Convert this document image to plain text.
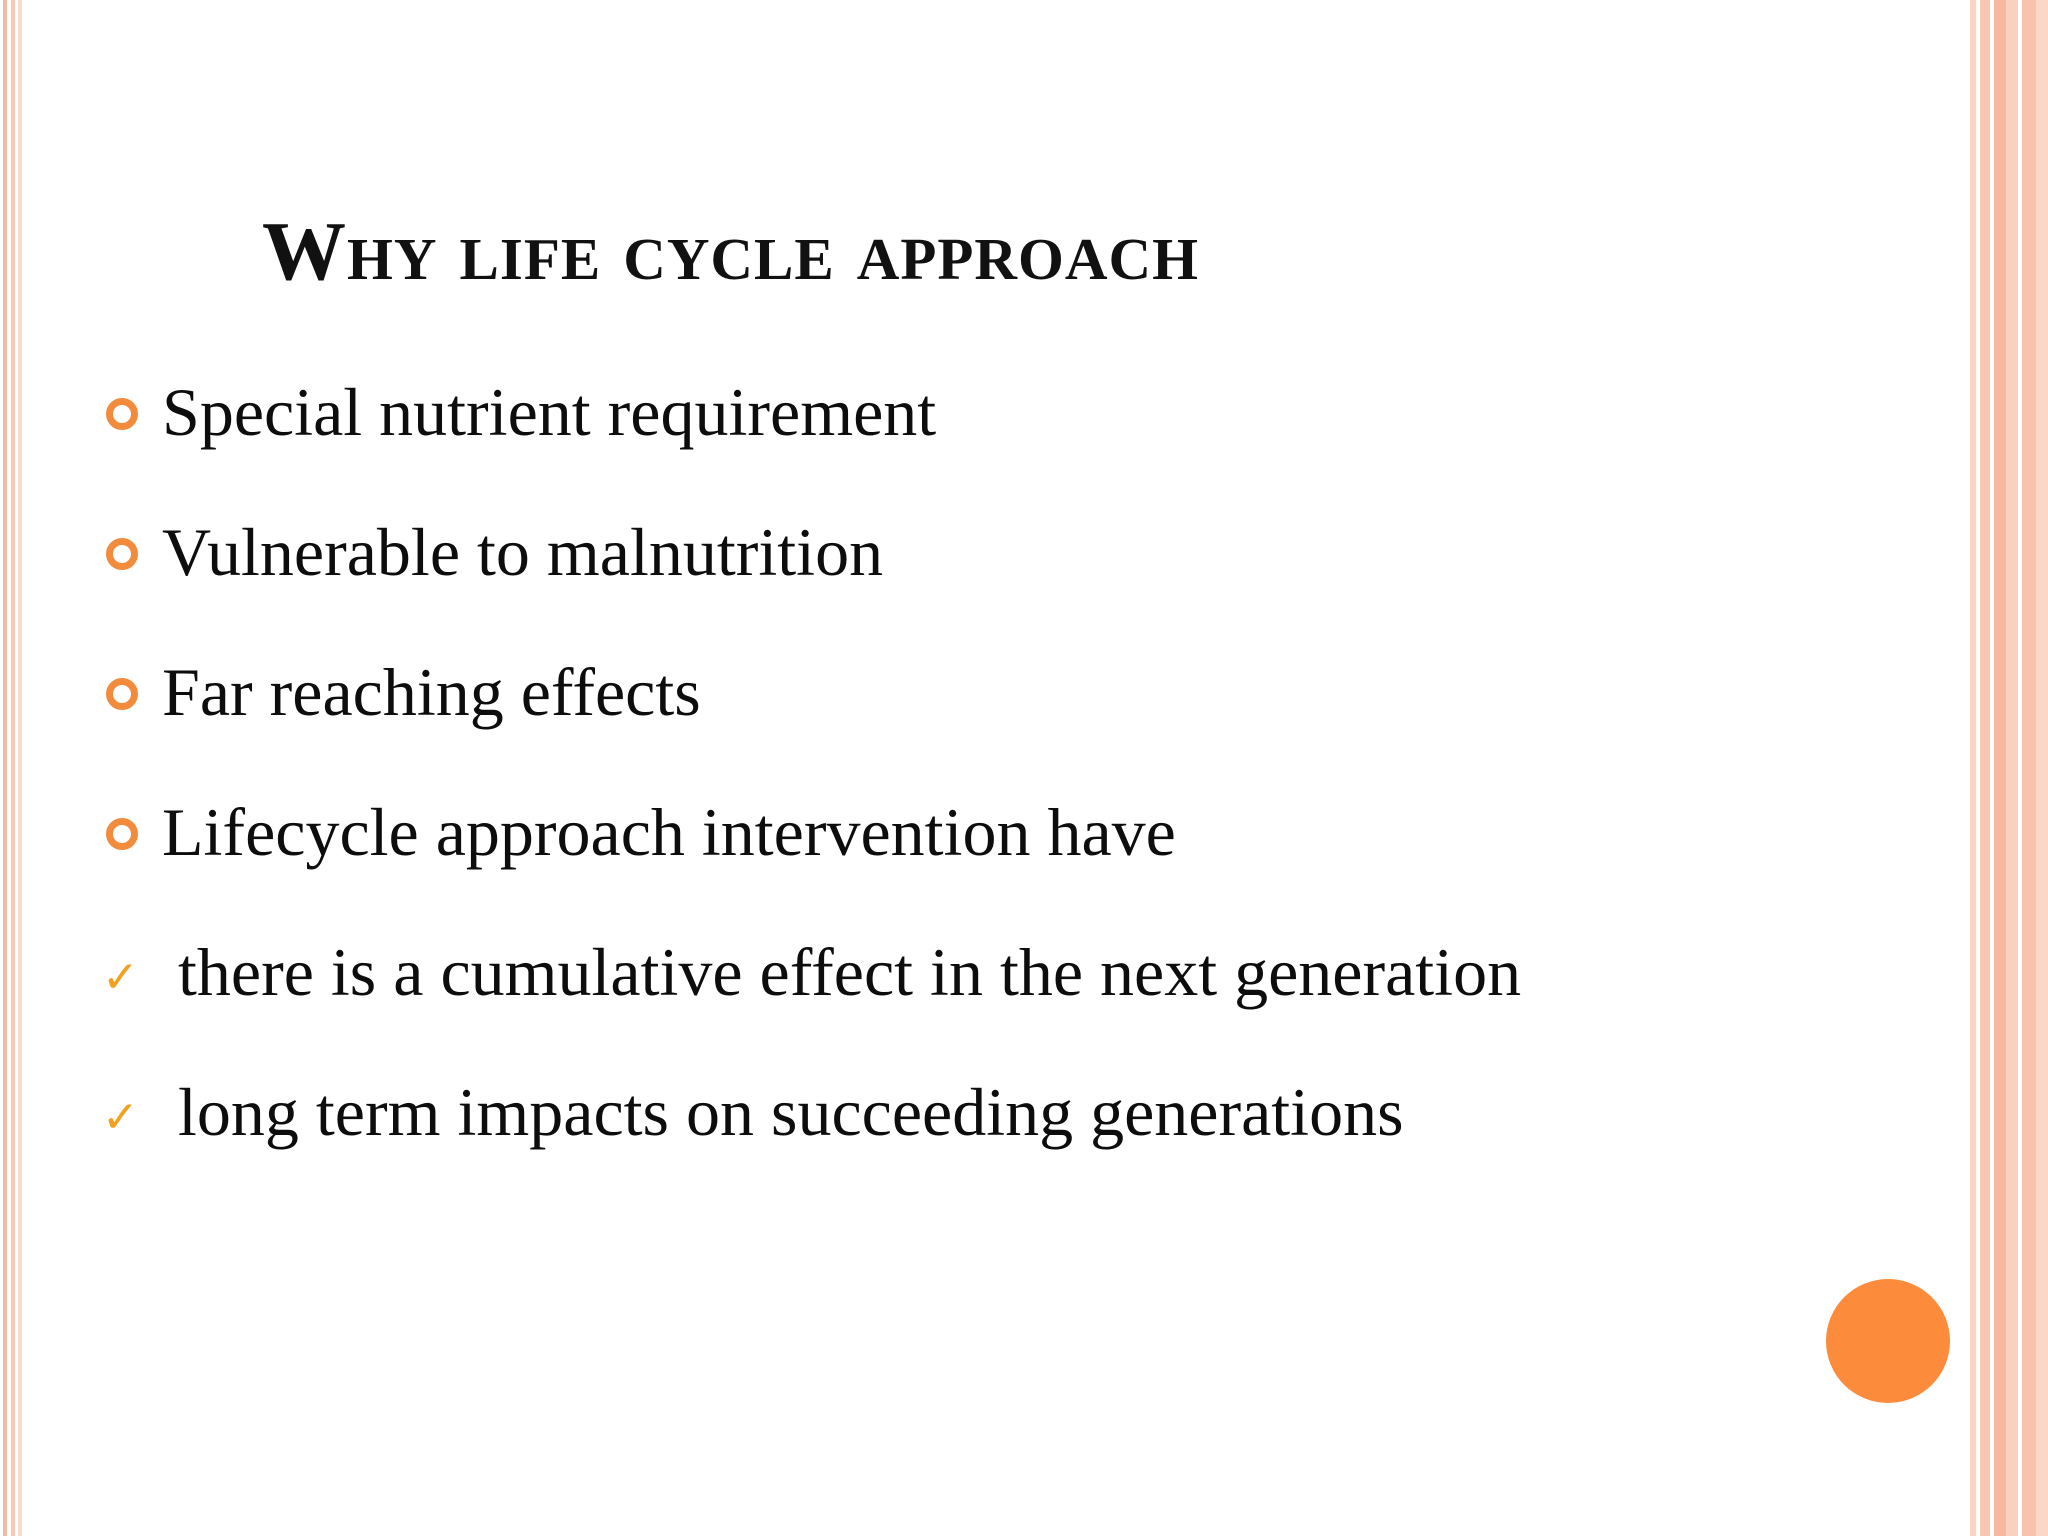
Why life cycle approach
Special nutrient requirement
Vulnerable to malnutrition
Far reaching effects
Lifecycle approach intervention have
✓ there is a cumulative effect in the next generation
✓ long term impacts on succeeding generations
